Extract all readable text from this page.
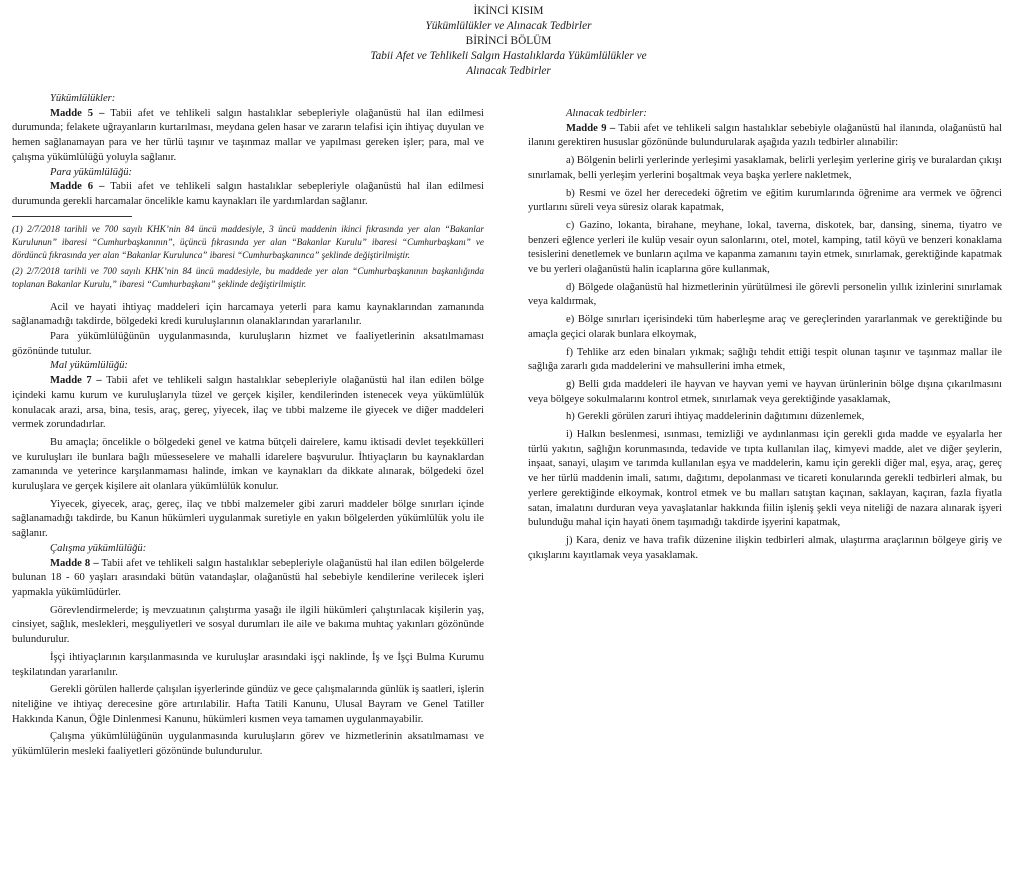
İKİNCİ KISIM
Yükümlülükler ve Alınacak Tedbirler
BİRİNCİ BÖLÜM
Tabii Afet ve Tehlikeli Salgın Hastalıklarda Yükümlülükler ve
Alınacak Tedbirler

Yükümlülükler:

Madde 5 – Tabii afet ve tehlikeli salgın hastalıklar sebepleriyle olağanüstü hal ilan edilmesi durumunda; felakete uğrayanların kurtarılması, meydana gelen hasar ve zararın telafisi için ihtiyaç duyulan ve hemen sağlanamayan para ve her türlü taşınır ve taşınmaz mallar ve yapılması gereken işler; para, mal ve çalışma yükümlülüğü yoluyla sağlanır.

Para yükümlülüğü:

Madde 6 – Tabii afet ve tehlikeli salgın hastalıklar sebepleriyle olağanüstü hal ilan edilmesi durumunda gerekli harcamalar öncelikle kamu kaynakları ile yardımlardan sağlanır.

(1) 2/7/2018 tarihli ve 700 sayılı KHK’nin 84 üncü maddesiyle, 3 üncü maddenin ikinci fıkrasında yer alan “Bakanlar Kurulunun” ibaresi “Cumhurbaşkanının”, üçüncü fıkrasında yer alan “Bakanlar Kurulu” ibaresi “Cumhurbaşkanı” ve dördüncü fıkrasında yer alan “Bakanlar Kurulunca” ibaresi “Cumhurbaşkanınca” şeklinde değiştirilmiştir.

(2) 2/7/2018 tarihli ve 700 sayılı KHK’nin 84 üncü maddesiyle, bu maddede yer alan “Cumhurbaşkanının başkanlığında toplanan Bakanlar Kurulu,” ibaresi “Cumhurbaşkanı” şeklinde değiştirilmiştir.

Acil ve hayati ihtiyaç maddeleri için harcamaya yeterli para kamu kaynaklarından zamanında sağlanamadığı takdirde, bölgedeki kredi kuruluşlarının olanaklarından yararlanılır.

Para yükümlülüğünün uygulanmasında, kuruluşların hizmet ve faaliyetlerinin aksatılmaması gözönünde tutulur.

Mal yükümlülüğü:

Madde 7 – Tabii afet ve tehlikeli salgın hastalıklar sebepleriyle olağanüstü hal ilan edilen bölge içindeki kamu kurum ve kuruluşlarıyla tüzel ve gerçek kişiler, kendilerinden istenecek veya yükümlülük konulacak arazi, arsa, bina, tesis, araç, gereç, yiyecek, ilaç ve tıbbi malzeme ile giyecek ve diğer maddeleri vermek zorundadırlar.

Bu amaçla; öncelikle o bölgedeki genel ve katma bütçeli dairelere, kamu iktisadi devlet teşekkülleri ve kuruluşları ile bunlara bağlı müesseselere ve mahalli idarelere başvurulur. İhtiyaçların bu kaynaklardan zamanında ve yeterince karşılanmaması halinde, imkan ve kaynakları da dikkate alınarak, bölgedeki özel kuruluşlara ve gerçek kişilere ait olanlara yükümlülük konulur.

Yiyecek, giyecek, araç, gereç, ilaç ve tıbbi malzemeler gibi zaruri maddeler bölge sınırları içinde sağlanamadığı takdirde, bu Kanun hükümleri uygulanmak suretiyle en yakın bölgelerden yükümlülük yolu ile sağlanır.

Çalışma yükümlülüğü:

Madde 8 – Tabii afet ve tehlikeli salgın hastalıklar sebepleriyle olağanüstü hal ilan edilen bölgelerde bulunan 18 - 60 yaşları arasındaki bütün vatandaşlar, olağanüstü hal sebebiyle kendilerine verilecek işleri yapmakla yükümlüdürler.

Görevlendirmelerde; iş mevzuatının çalıştırma yasağı ile ilgili hükümleri çalıştırılacak kişilerin yaş, cinsiyet, sağlık, meslekleri, meşguliyetleri ve sosyal durumları ile aile ve bakıma muhtaç yakınları gözönünde bulundurulur.

İşçi ihtiyaçlarının karşılanmasında ve kuruluşlar arasındaki işçi naklinde, İş ve İşçi Bulma Kurumu teşkilatından yararlanılır.

Gerekli görülen hallerde çalışılan işyerlerinde gündüz ve gece çalışmalarında günlük iş saatleri, işlerin niteliğine ve ihtiyaç derecesine göre artırılabilir. Hafta Tatili Kanunu, Ulusal Bayram ve Genel Tatiller Hakkında Kanun, Öğle Dinlenmesi Kanunu, hükümleri kısmen veya tamamen uygulanmayabilir.

Çalışma yükümlülüğünün uygulanmasında kuruluşların görev ve hizmetlerinin aksatılmaması ve yükümlülerin mesleki faaliyetleri gözönünde bulundurulur.

Alınacak tedbirler:

Madde 9 – Tabii afet ve tehlikeli salgın hastalıklar sebebiyle olağanüstü hal ilanında, olağanüstü hal ilanını gerektiren hususlar gözönünde bulundurularak aşağıda yazılı tedbirler alınabilir:

a) Bölgenin belirli yerlerinde yerleşimi yasaklamak, belirli yerleşim yerlerine giriş ve buralardan çıkışı sınırlamak, belli yerleşim yerlerini boşaltmak veya başka yerlere nakletmek,

b) Resmi ve özel her derecedeki öğretim ve eğitim kurumlarında öğrenime ara vermek ve öğrenci yurtlarını süreli veya süresiz olarak kapatmak,

c) Gazino, lokanta, birahane, meyhane, lokal, taverna, diskotek, bar, dansing, sinema, tiyatro ve benzeri eğlence yerleri ile kulüp vesair oyun salonlarını, otel, motel, kamping, tatil köyü ve benzeri konaklama tesislerini denetlemek ve bunların açılma ve kapanma zamanını tayin etmek, sınırlamak, gerektiğinde kapatmak ve bu yerleri olağanüstü halin icaplarına göre kullanmak,

d) Bölgede olağanüstü hal hizmetlerinin yürütülmesi ile görevli personelin yıllık izinlerini sınırlamak veya kaldırmak,

e) Bölge sınırları içerisindeki tüm haberleşme araç ve gereçlerinden yararlanmak ve gerektiğinde bu amaçla geçici olarak bunlara elkoymak,

f) Tehlike arz eden binaları yıkmak; sağlığı tehdit ettiği tespit olunan taşınır ve taşınmaz mallar ile sağlığa zararlı gıda maddelerini ve mahsullerini imha etmek,

g) Belli gıda maddeleri ile hayvan ve hayvan yemi ve hayvan ürünlerinin bölge dışına çıkarılmasını veya bölgeye sokulmalarını kontrol etmek, sınırlamak veya gerektiğinde yasaklamak,

h) Gerekli görülen zaruri ihtiyaç maddelerinin dağıtımını düzenlemek,

i) Halkın beslenmesi, ısınması, temizliği ve aydınlanması için gerekli gıda madde ve eşyalarla her türlü yakıtın, sağlığın korunmasında, tedavide ve tıpta kullanılan ilaç, kimyevi madde, alet ve diğer şeylerin, inşaat, sanayi, ulaşım ve tarımda kullanılan eşya ve maddelerin, kamu için gerekli diğer mal, eşya, araç, gereç ve her türlü maddenin imali, satımı, dağıtımı, depolanması ve ticareti konularında gerekli tedbirleri almak, bu yerlere gerektiğinde elkoymak, kontrol etmek ve bu malları satıştan kaçınan, saklayan, kaçıran, fazla fiyatla satan, imalatını durduran veya yavaşlatanlar hakkında fiilin işleniş şekli veya niteliği de nazara alınarak işyeri bulunduğu mahal için hayati önem taşımadığı takdirde işyerini kapatmak,

j) Kara, deniz ve hava trafik düzenine ilişkin tedbirleri almak, ulaştırma araçlarının bölgeye giriş ve çıkışlarını kayıtlamak veya yasaklamak.
